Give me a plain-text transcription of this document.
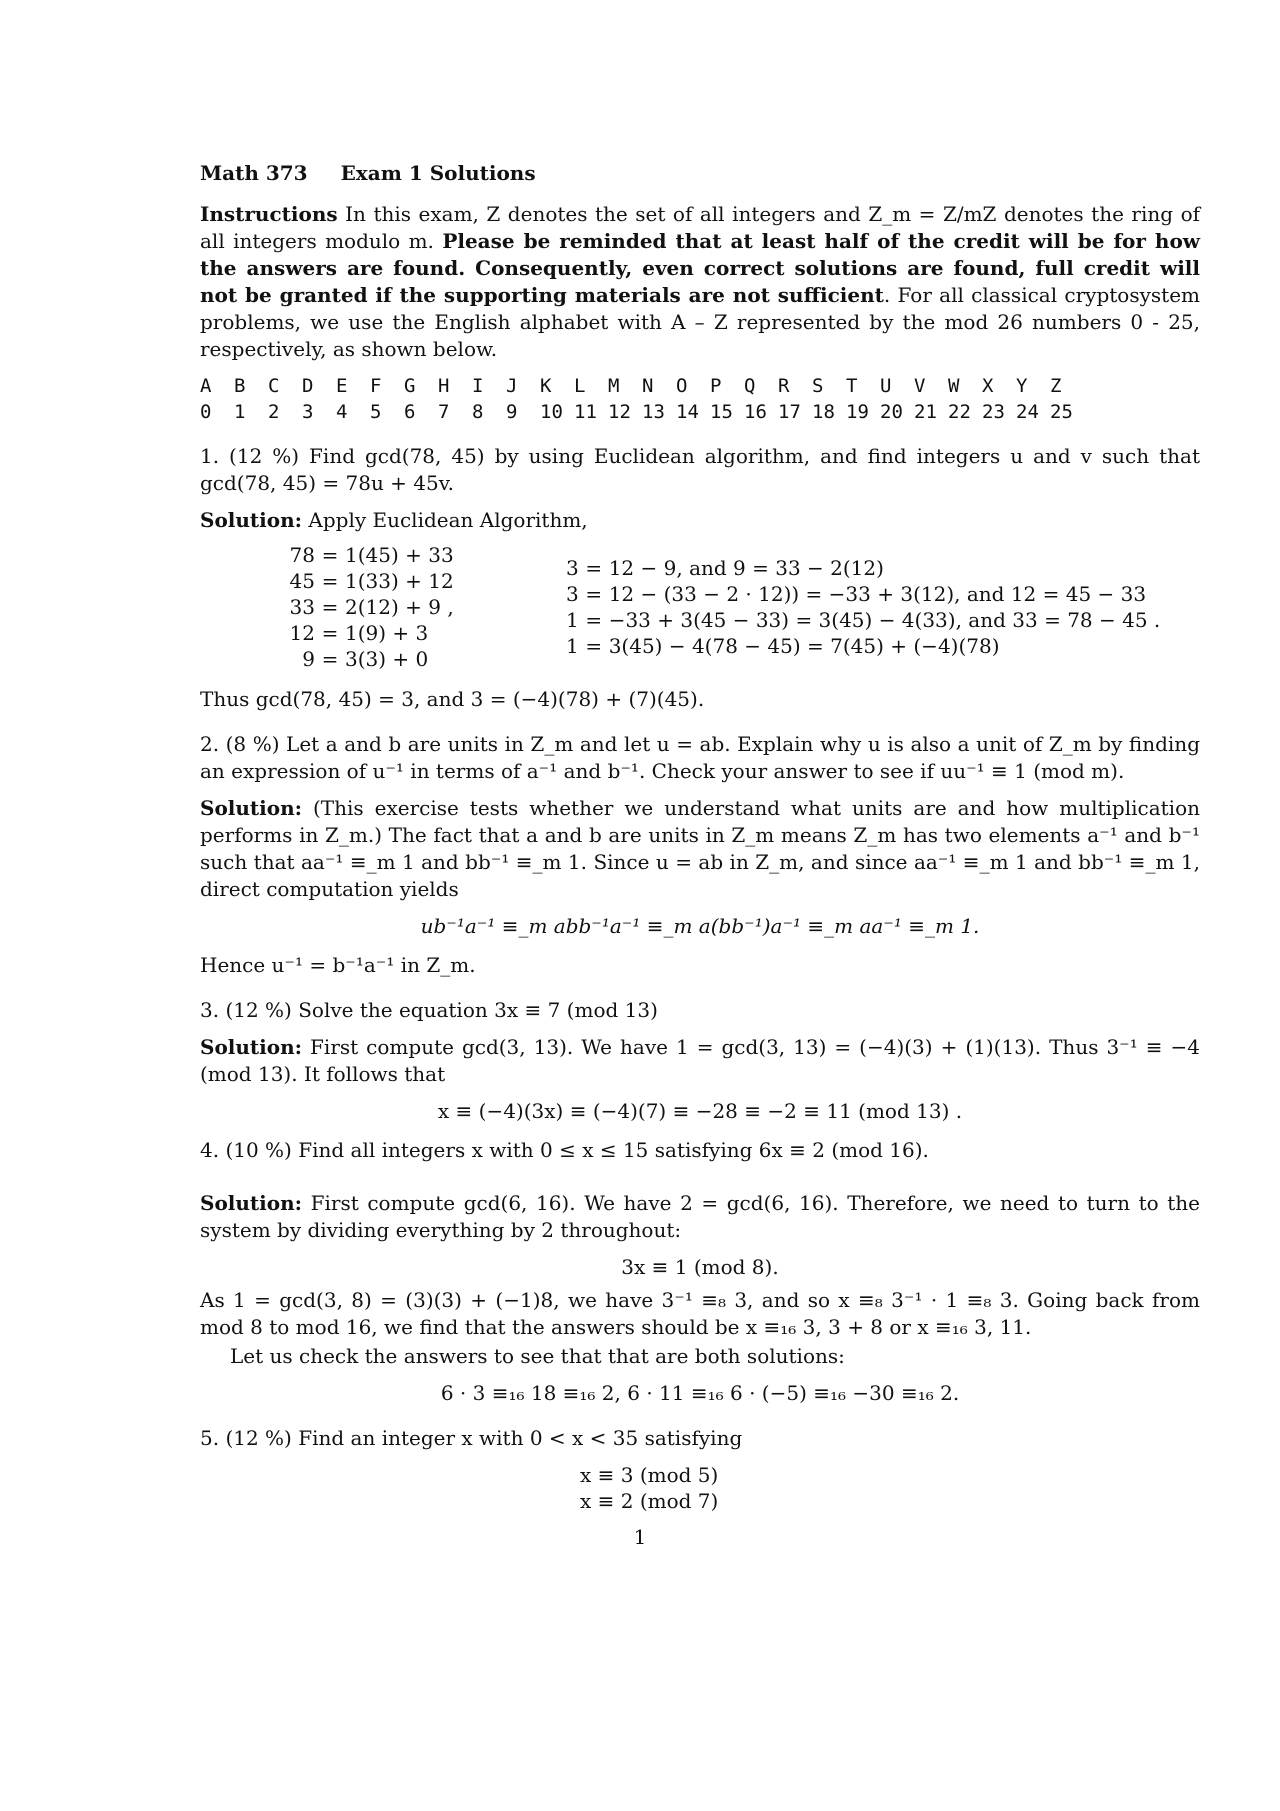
Math 373 Exam 1 Solutions
Instructions In this exam, Z denotes the set of all integers and Z_m = Z/mZ denotes the ring of all integers modulo m. Please be reminded that at least half of the credit will be for how the answers are found. Consequently, even correct solutions are found, full credit will not be granted if the supporting materials are not sufficient. For all classical cryptosystem problems, we use the English alphabet with A – Z represented by the mod 26 numbers 0 - 25, respectively, as shown below.
A	B	C	D	E	F	G	H	I	J	K	L	M	N	O	P	Q	R	S	T	U	V	W	X	Y	Z
0	1	2	3	4	5	6	7	8	9	10	11	12	13	14	15	16	17	18	19	20	21	22	23	24	25
1. (12 %) Find gcd(78, 45) by using Euclidean algorithm, and find integers u and v such that gcd(78, 45) = 78u + 45v.
Solution: Apply Euclidean Algorithm,
78 = 1(45) + 33
45 = 1(33) + 12
33 = 2(12) + 9 ,
12 = 1(9) + 3
9 = 3(3) + 0
3 = 12 − 9, and 9 = 33 − 2(12)
3 = 12 − (33 − 2 · 12)) = −33 + 3(12), and 12 = 45 − 33
1 = −33 + 3(45 − 33) = 3(45) − 4(33), and 33 = 78 − 45 .
1 = 3(45) − 4(78 − 45) = 7(45) + (−4)(78)
Thus gcd(78, 45) = 3, and 3 = (−4)(78) + (7)(45).
2. (8 %) Let a and b are units in Z_m and let u = ab. Explain why u is also a unit of Z_m by finding an expression of u⁻¹ in terms of a⁻¹ and b⁻¹. Check your answer to see if uu⁻¹ ≡ 1 (mod m).
Solution: (This exercise tests whether we understand what units are and how multiplication performs in Z_m.) The fact that a and b are units in Z_m means Z_m has two elements a⁻¹ and b⁻¹ such that aa⁻¹ ≡_m 1 and bb⁻¹ ≡_m 1. Since u = ab in Z_m, and since aa⁻¹ ≡_m 1 and bb⁻¹ ≡_m 1, direct computation yields
ub⁻¹a⁻¹ ≡_m abb⁻¹a⁻¹ ≡_m a(bb⁻¹)a⁻¹ ≡_m aa⁻¹ ≡_m 1.
Hence u⁻¹ = b⁻¹a⁻¹ in Z_m.
3. (12 %) Solve the equation 3x ≡ 7 (mod 13)
Solution: First compute gcd(3, 13). We have 1 = gcd(3, 13) = (−4)(3) + (1)(13). Thus 3⁻¹ ≡ −4 (mod 13). It follows that
x ≡ (−4)(3x) ≡ (−4)(7) ≡ −28 ≡ −2 ≡ 11 (mod 13) .
4. (10 %) Find all integers x with 0 ≤ x ≤ 15 satisfying 6x ≡ 2 (mod 16).
Solution: First compute gcd(6, 16). We have 2 = gcd(6, 16). Therefore, we need to turn to the system by dividing everything by 2 throughout:
3x ≡ 1 (mod 8).
As 1 = gcd(3, 8) = (3)(3) + (−1)8, we have 3⁻¹ ≡₈ 3, and so x ≡₈ 3⁻¹ · 1 ≡₈ 3. Going back from mod 8 to mod 16, we find that the answers should be x ≡₁₆ 3, 3 + 8 or x ≡₁₆ 3, 11.
Let us check the answers to see that that are both solutions:
6 · 3 ≡₁₆ 18 ≡₁₆ 2, 6 · 11 ≡₁₆ 6 · (−5) ≡₁₆ −30 ≡₁₆ 2.
5. (12 %) Find an integer x with 0 < x < 35 satisfying
x ≡ 3 (mod 5)
x ≡ 2 (mod 7)
1
